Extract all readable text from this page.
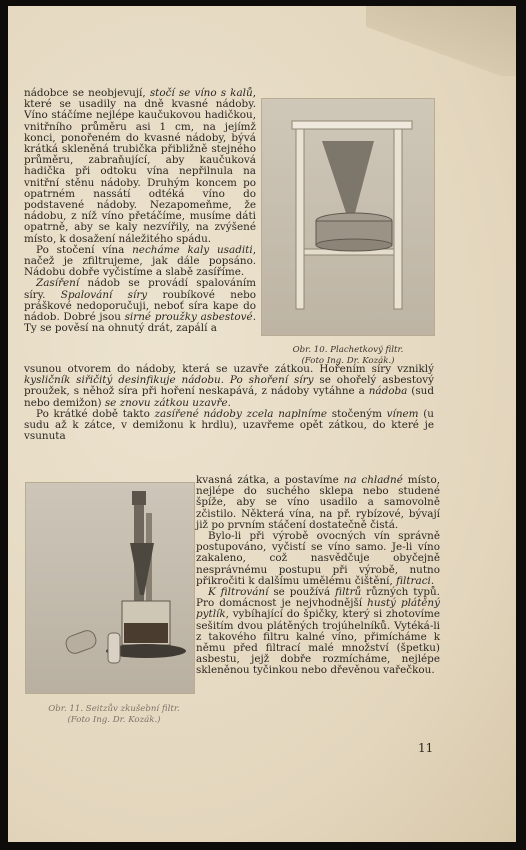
nádobce se neobjevují, stočí se víno s kalů, které se usadily na dně kvasné nádoby. Víno stáčíme nejlépe kaučukovou hadičkou, vnitřního průměru asi 1 cm, na jejímž konci, ponořeném do kvasné nádoby, bývá krátká skleněná trubička přibližně stejného průměru, zabraňující, aby kaučuková hadička při odtoku vína nepřilnula na vnitřní stěnu nádoby. Druhým koncem po opatrném nassátí odtéká víno do podstavené nádoby. Nezapomeňme, že nádobu, z níž víno přetáčíme, musíme dáti opatrně, aby se kaly nezvířily, na zvýšené místo, k dosažení náležitého spádu.

Po stočení vína necháme kaly usaditi, načež je zfiltrujeme, jak dále popsáno. Nádobu dobře vyčistíme a slabě zasíříme.

Zasíření nádob se provádí spalováním síry. Spalování síry roubíkové nebo práškové nedoporučuji, neboť síra kape do nádob. Dobré jsou sirné proužky asbestové. Ty se pověsí na ohnutý drát, zapálí a

Obr. 10. Plachetkový filtr.
(Foto Ing. Dr. Kozák.)

vsunou otvorem do nádoby, která se uzavře zátkou. Hořením síry vzniklý kysličník siřičitý desinfikuje nádobu. Po shoření síry se ohořelý asbestový proužek, s něhož síra při hoření neskapává, z nádoby vytáhne a nádoba (sud nebo demižon) se znovu zátkou uzavře.

Po krátké době takto zasířené nádoby zcela naplníme stočeným vínem (u sudu až k zátce, v demižonu k hrdlu), uzavřeme opět zátkou, do které je vsunuta

Obr. 11. Seitzův zkušební filtr.
(Foto Ing. Dr. Kozák.)

kvasná zátka, a postavíme na chladné místo, nejlépe do suchého sklepa nebo studené špíže, aby se víno usadilo a samovolně zčistilo. Některá vína, na př. rybízové, bývají již po prvním stáčení dostatečně čistá.

Bylo-li při výrobě ovocných vín správně postupováno, vyčistí se víno samo. Je-li víno zakaleno, což nasvědčuje obyčejně nesprávnému postupu při výrobě, nutno přikročiti k dalšímu umělému čištění, filtraci.

K filtrování se používá filtrů různých typů. Pro domácnost je nejvhodnější hustý plátěný pytlík, vybíhající do špičky, který si zhotovíme sešitím dvou plátěných trojúhelníků. Vytéká-li z takového filtru kalné víno, přimícháme k němu před filtrací malé množství (špetku) asbestu, jejž dobře rozmícháme, nejlépe skleněnou tyčinkou nebo dřevěnou vařečkou.

11
